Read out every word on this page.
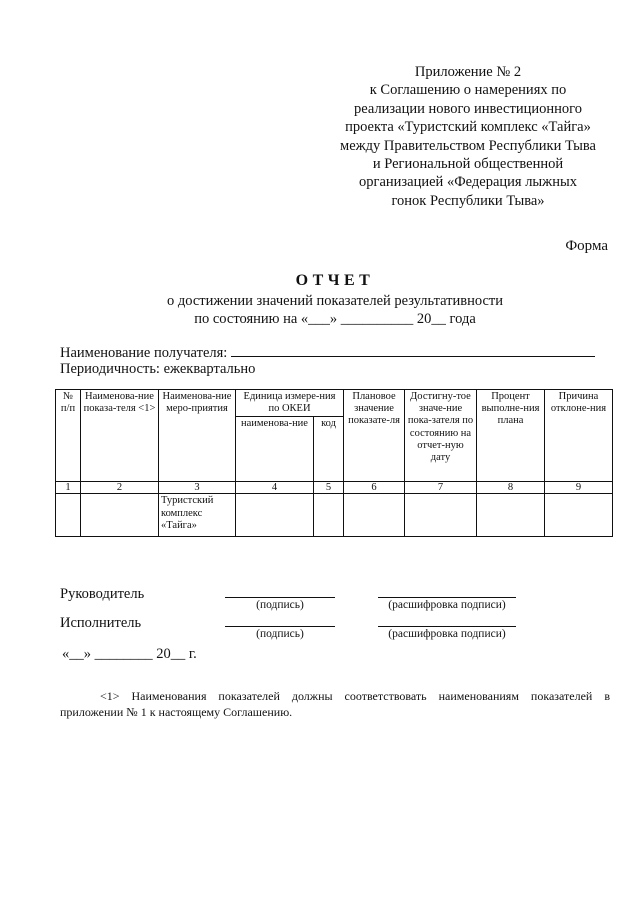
Приложение № 2
к Соглашению о намерениях по
реализации нового инвестиционного
проекта «Туристский комплекс «Тайга»
между Правительством Республики Тыва
и Региональной общественной
организацией «Федерация лыжных
гонок Республики Тыва»
Форма
ОТЧЕТ
о достижении значений показателей результативности
по состоянию на «___» __________ 20__ года
Наименование получателя:
Периодичность: ежеквартально
№ п/п	Наименова-ние показа-теля <1>	Наименова-ние меро-приятия	Единица измере-ния по ОКЕИ		Плановое значение показате-ля	Достигну-тое значе-ние пока-зателя по состоянию на отчет-ную дату	Процент выполне-ния плана	Причина отклоне-ния
			наименова-ние	код				
1	2	3	4	5	6	7	8	9
		Туристский комплекс «Тайга»						
Руководитель
(подпись)	(расшифровка подписи)
Исполнитель
(подпись)	(расшифровка подписи)
«__» ________ 20__ г.
<1> Наименования показателей должны соответствовать наименованиям показателей в приложении № 1 к настоящему Соглашению.
